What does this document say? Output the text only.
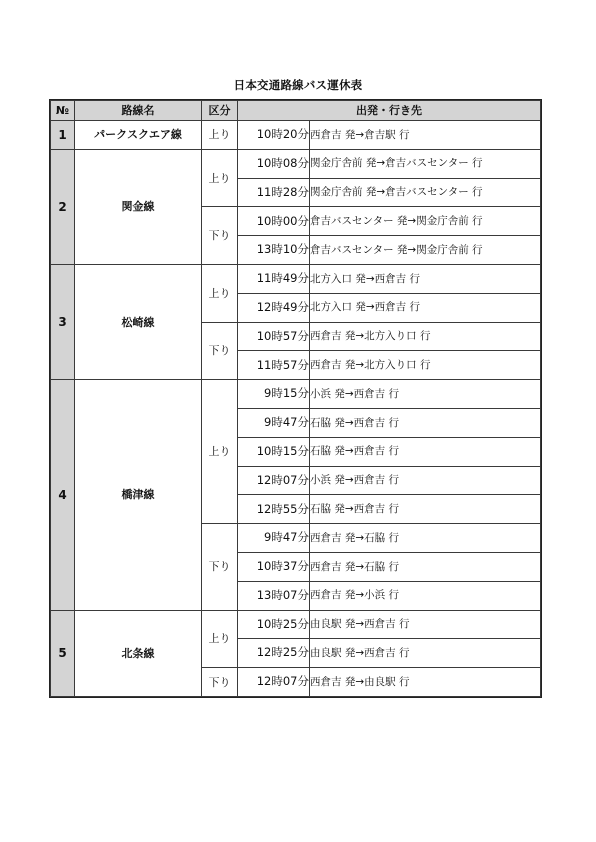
日本交通路線バス運休表
№	路線名	区分	出発・行き先	
1	パークスクエア線	上り	10時20分	西倉吉 発→倉吉駅 行
2	関金線	上り	10時08分	関金庁舎前 発→倉吉バスセンター 行
			11時28分	関金庁舎前 発→倉吉バスセンター 行
		下り	10時00分	倉吉バスセンター 発→関金庁舎前 行
			13時10分	倉吉バスセンター 発→関金庁舎前 行
3	松崎線	上り	11時49分	北方入口 発→西倉吉 行
			12時49分	北方入口 発→西倉吉 行
		下り	10時57分	西倉吉 発→北方入り口 行
			11時57分	西倉吉 発→北方入り口 行
4	橋津線	上り	9時15分	小浜 発→西倉吉 行
			9時47分	石脇 発→西倉吉 行
			10時15分	石脇 発→西倉吉 行
			12時07分	小浜 発→西倉吉 行
			12時55分	石脇 発→西倉吉 行
		下り	9時47分	西倉吉 発→石脇 行
			10時37分	西倉吉 発→石脇 行
			13時07分	西倉吉 発→小浜 行
5	北条線	上り	10時25分	由良駅 発→西倉吉 行
			12時25分	由良駅 発→西倉吉 行
		下り	12時07分	西倉吉 発→由良駅 行
